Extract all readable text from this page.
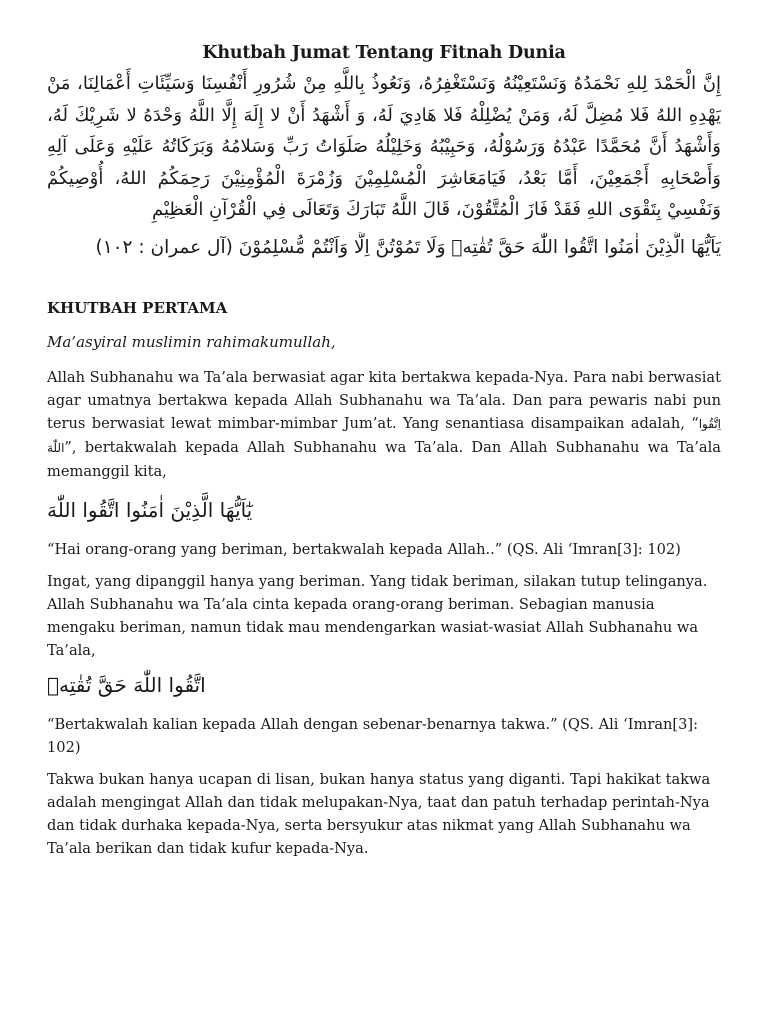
Khutbah Jumat Tentang Fitnah Dunia

إِنَّ الْحَمْدَ لِلهِ نَحْمَدُهُ وَنَسْتَعِيْنُهُ وَنَسْتَغْفِرُهُ، وَنَعُوذُ بِاللَّهِ مِنْ شُرُورِ أَنْفُسِنَا وَسَيِّئَاتِ أَعْمَالِنَا، مَنْ يَهْدِهِ اللهُ فَلا مُضِلَّ لَهُ، وَمَنْ يُضْلِلْهُ فَلا هَادِيَ لَهُ، وَ أَشْهَدُ أَنْ لا إِلَهَ إِلَّا اللَّهُ وَحْدَهُ لا شَرِيْكَ لَهُ، وَأَشْهَدُ أَنَّ مُحَمَّدًا عَبْدُهُ وَرَسُوْلُهُ، وَحَبِيْبُهُ وَخَلِيْلُهُ صَلَوَاتُ رَبِّ وَسَلامُهُ وَبَرَكَاتُهُ عَلَيْهِ وَعَلَى آلِهِ وَأَصْحَابِهِ أَجْمَعِيْنَ، أَمَّا بَعْدُ، فَيَامَعَاشِرَ الْمُسْلِمِيْنَ وَزُمْرَةَ الْمُؤْمِنِيْنَ رَحِمَكُمُ اللهُ، أُوْصِيكُمْ وَنَفْسِيْ بِتَقْوَى اللهِ فَقَدْ فَازَ الْمُتَّقُوْنَ، قَالَ اللَّهُ تَبَارَكَ وَتَعَالَى فِي الْقُرْآنِ الْعَظِيْمِ

يَاَيُّهَا الَّذِيْنَ اٰمَنُوا اتَّقُوا اللّٰهَ حَقَّ تُقٰتِهٖ وَلَا تَمُوْتُنَّ اِلَّا وَاَنْتُمْ مُّسْلِمُوْنَ (آل عمران : ١٠٢)

KHUTBAH PERTAMA

Ma’asyiral muslimin rahimakumullah,

Allah Subhanahu wa Ta’ala berwasiat agar kita bertakwa kepada-Nya. Para nabi berwasiat agar umatnya bertakwa kepada Allah Subhanahu wa Ta’ala. Dan para pewaris nabi pun terus berwasiat lewat mimbar-mimbar Jum’at. Yang senantiasa disampaikan adalah, “اِتَّقُوا اللّٰهَ”, bertakwalah kepada Allah Subhanahu wa Ta’ala. Dan Allah Subhanahu wa Ta’ala memanggil kita,

يٰٓاَيُّهَا الَّذِيْنَ اٰمَنُوا اتَّقُوا اللّٰهَ

“Hai orang-orang yang beriman, bertakwalah kepada Allah..” (QS. Ali ‘Imran[3]: 102)

Ingat, yang dipanggil hanya yang beriman. Yang tidak beriman, silakan tutup telinganya. Allah Subhanahu wa Ta’ala cinta kepada orang-orang beriman. Sebagian manusia mengaku beriman, namun tidak mau mendengarkan wasiat-wasiat Allah Subhanahu wa Ta’ala,

اتَّقُوا اللّٰهَ حَقَّ تُقٰتِهٖ

“Bertakwalah kalian kepada Allah dengan sebenar-benarnya takwa.” (QS. Ali ‘Imran[3]: 102)

Takwa bukan hanya ucapan di lisan, bukan hanya status yang diganti. Tapi hakikat takwa adalah mengingat Allah dan tidak melupakan-Nya, taat dan patuh terhadap perintah-Nya dan tidak durhaka kepada-Nya, serta bersyukur atas nikmat yang Allah Subhanahu wa Ta’ala berikan dan tidak kufur kepada-Nya.
